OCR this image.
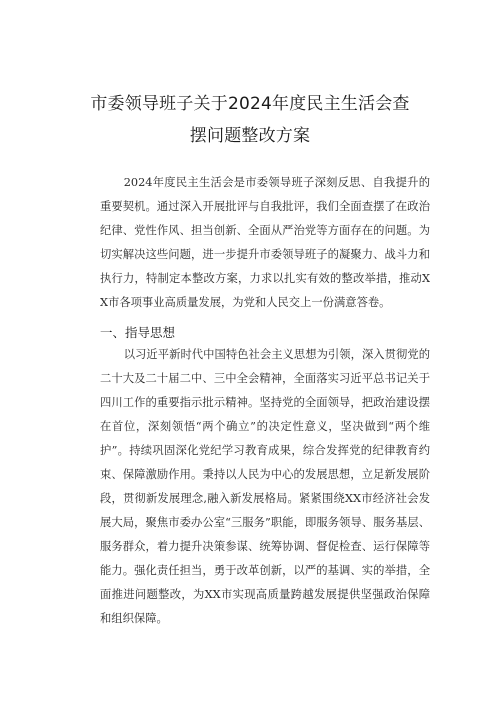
市委领导班子关于2024年度民主生活会查
摆问题整改方案

2024年度民主生活会是市委领导班子深刻反思、自我提升的重要契机。通过深入开展批评与自我批评，我们全面查摆了在政治纪律、党性作风、担当创新、全面从严治党等方面存在的问题。为切实解决这些问题，进一步提升市委领导班子的凝聚力、战斗力和执行力，特制定本整改方案，力求以扎实有效的整改举措，推动XX市各项事业高质量发展，为党和人民交上一份满意答卷。

一、指导思想

以习近平新时代中国特色社会主义思想为引领，深入贯彻党的二十大及二十届二中、三中全会精神，全面落实习近平总书记关于四川工作的重要指示批示精神。坚持党的全面领导，把政治建设摆在首位，深刻领悟“两个确立”的决定性意义，坚决做到“两个维护”。持续巩固深化党纪学习教育成果，综合发挥党的纪律教育约束、保障激励作用。秉持以人民为中心的发展思想，立足新发展阶段，贯彻新发展理念,融入新发展格局。紧紧围绕XX市经济社会发展大局，聚焦市委办公室“三服务”职能，即服务领导、服务基层、服务群众，着力提升决策参谋、统筹协调、督促检查、运行保障等能力。强化责任担当，勇于改革创新，以严的基调、实的举措，全面推进问题整改，为XX市实现高质量跨越发展提供坚强政治保障和组织保障。
